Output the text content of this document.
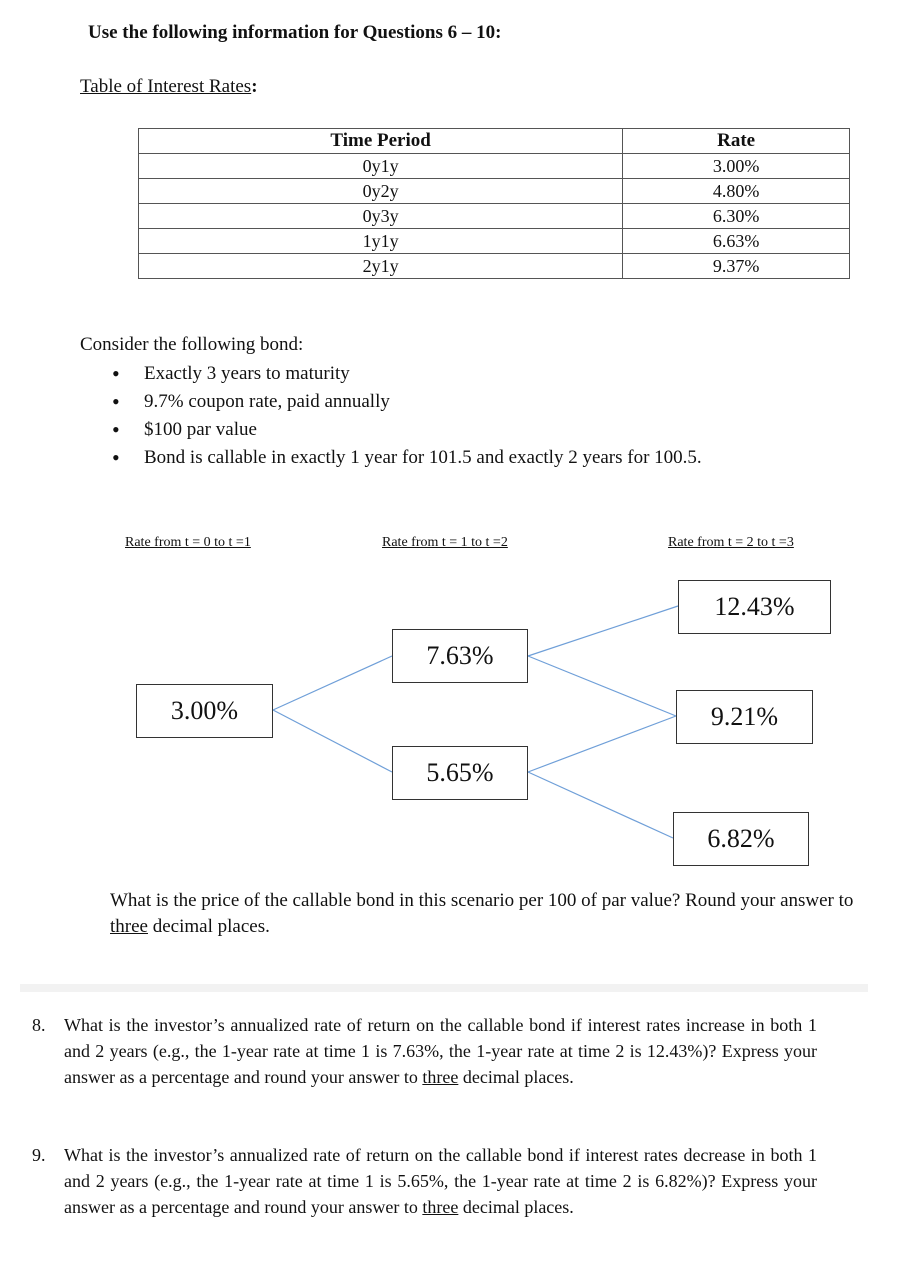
Use the following information for Questions 6 – 10:
Table of Interest Rates:
Time Period	Rate
0y1y	3.00%
0y2y	4.80%
0y3y	6.30%
1y1y	6.63%
2y1y	9.37%
Consider the following bond:
• Exactly 3 years to maturity
• 9.7% coupon rate, paid annually
• $100 par value
• Bond is callable in exactly 1 year for 101.5 and exactly 2 years for 100.5.
Rate from t = 0 to t =1	Rate from t = 1 to t =2	Rate from t = 2 to t =3
3.00%
7.63%
5.65%
12.43%
9.21%
6.82%
What is the price of the callable bond in this scenario per 100 of par value? Round your answer to three decimal places.
8.	What is the investor’s annualized rate of return on the callable bond if interest rates increase in both 1 and 2 years (e.g., the 1-year rate at time 1 is 7.63%, the 1-year rate at time 2 is 12.43%)? Express your answer as a percentage and round your answer to three decimal places.
9.	What is the investor’s annualized rate of return on the callable bond if interest rates decrease in both 1 and 2 years (e.g., the 1-year rate at time 1 is 5.65%, the 1-year rate at time 2 is 6.82%)? Express your answer as a percentage and round your answer to three decimal places.
